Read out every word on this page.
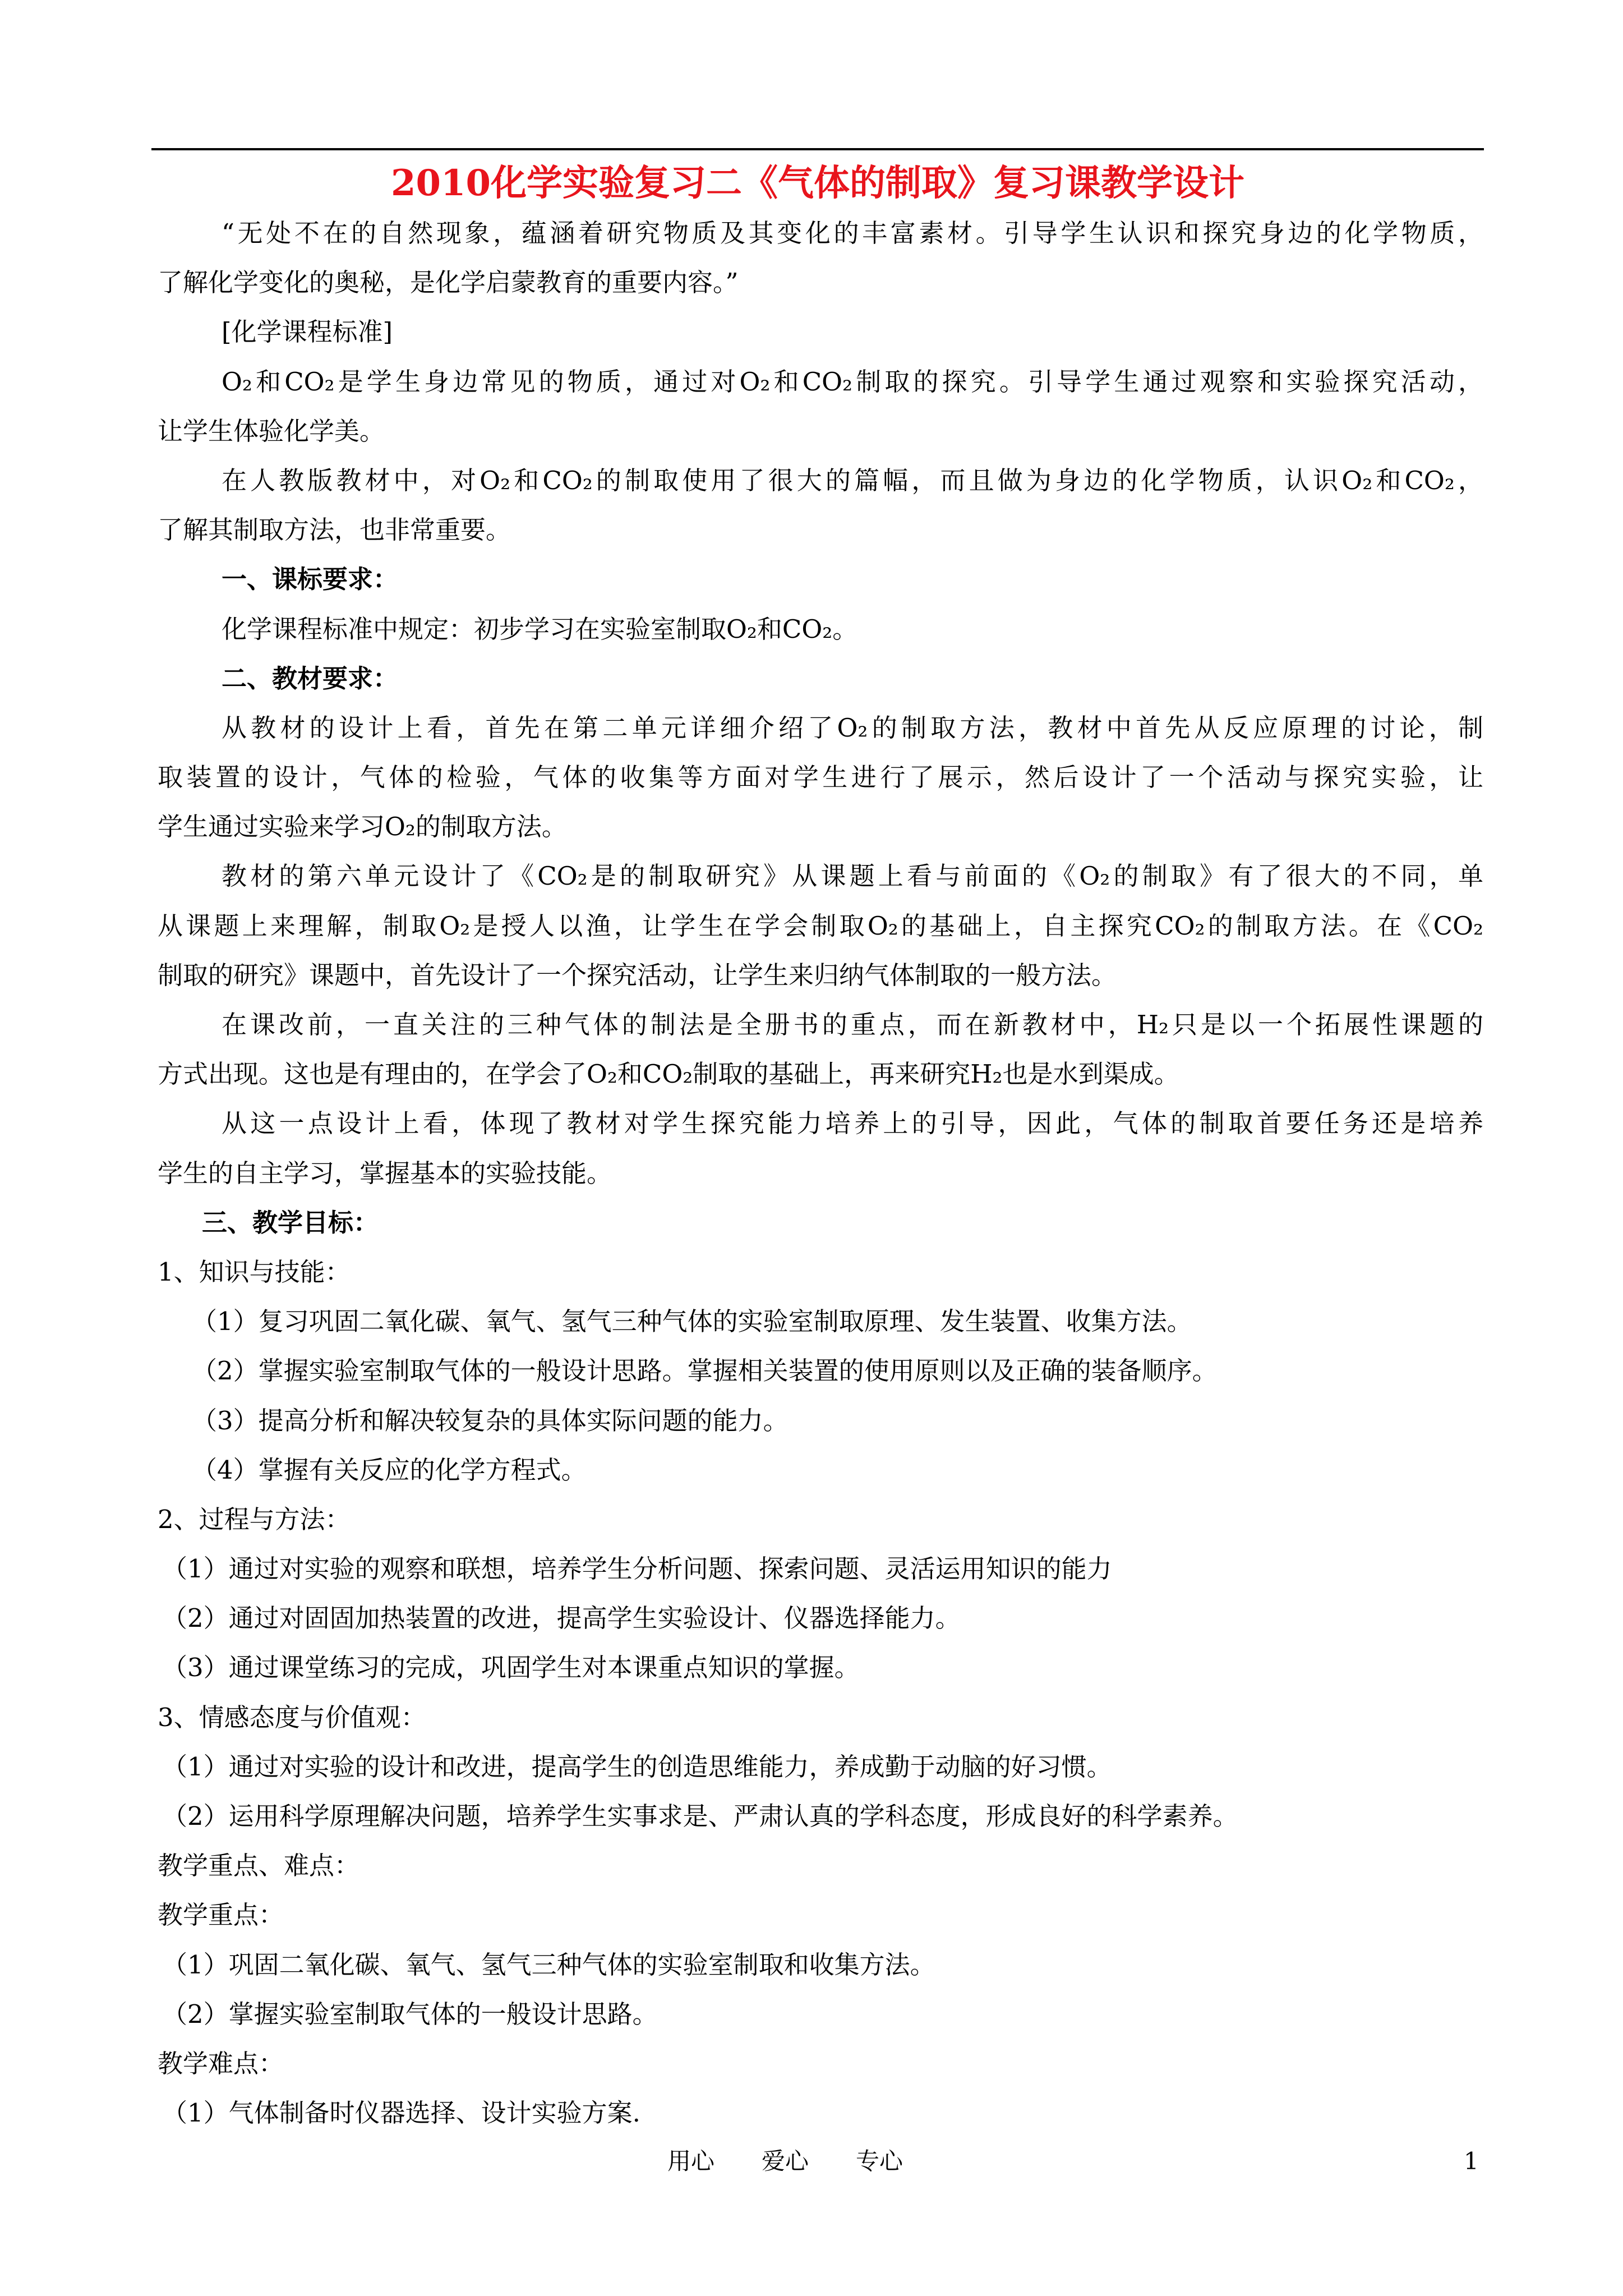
2010化学实验复习二《气体的制取》复习课教学设计
“无处不在的自然现象，蕴涵着研究物质及其变化的丰富素材。引导学生认识和探究身边的化学物质，
了解化学变化的奥秘，是化学启蒙教育的重要内容。”
[化学课程标准]
O₂和CO₂是学生身边常见的物质，通过对O₂和CO₂制取的探究。引导学生通过观察和实验探究活动，
让学生体验化学美。
在人教版教材中，对O₂和CO₂的制取使用了很大的篇幅，而且做为身边的化学物质，认识O₂和CO₂，
了解其制取方法，也非常重要。
一、课标要求：
化学课程标准中规定：初步学习在实验室制取O₂和CO₂。
二、教材要求：
从教材的设计上看，首先在第二单元详细介绍了O₂的制取方法，教材中首先从反应原理的讨论，制
取装置的设计，气体的检验，气体的收集等方面对学生进行了展示，然后设计了一个活动与探究实验，让
学生通过实验来学习O₂的制取方法。
教材的第六单元设计了《CO₂是的制取研究》从课题上看与前面的《O₂的制取》有了很大的不同，单
从课题上来理解，制取O₂是授人以渔，让学生在学会制取O₂的基础上，自主探究CO₂的制取方法。在《CO₂
制取的研究》课题中，首先设计了一个探究活动，让学生来归纳气体制取的一般方法。
在课改前，一直关注的三种气体的制法是全册书的重点，而在新教材中，H₂只是以一个拓展性课题的
方式出现。这也是有理由的，在学会了O₂和CO₂制取的基础上，再来研究H₂也是水到渠成。
从这一点设计上看，体现了教材对学生探究能力培养上的引导，因此，气体的制取首要任务还是培养
学生的自主学习，掌握基本的实验技能。
三、教学目标：
1、知识与技能：
（1）复习巩固二氧化碳、氧气、氢气三种气体的实验室制取原理、发生装置、收集方法。
（2）掌握实验室制取气体的一般设计思路。掌握相关装置的使用原则以及正确的装备顺序。
（3）提高分析和解决较复杂的具体实际问题的能力。
（4）掌握有关反应的化学方程式。
2、过程与方法：
（1）通过对实验的观察和联想，培养学生分析问题、探索问题、灵活运用知识的能力
（2）通过对固固加热装置的改进，提高学生实验设计、仪器选择能力。
（3）通过课堂练习的完成，巩固学生对本课重点知识的掌握。
3、情感态度与价值观：
（1）通过对实验的设计和改进，提高学生的创造思维能力，养成勤于动脑的好习惯。
（2）运用科学原理解决问题，培养学生实事求是、严肃认真的学科态度，形成良好的科学素养。
教学重点、难点：
教学重点：
（1）巩固二氧化碳、氧气、氢气三种气体的实验室制取和收集方法。
（2）掌握实验室制取气体的一般设计思路。
教学难点：
（1）气体制备时仪器选择、设计实验方案.
用心 爱心 专心	1
